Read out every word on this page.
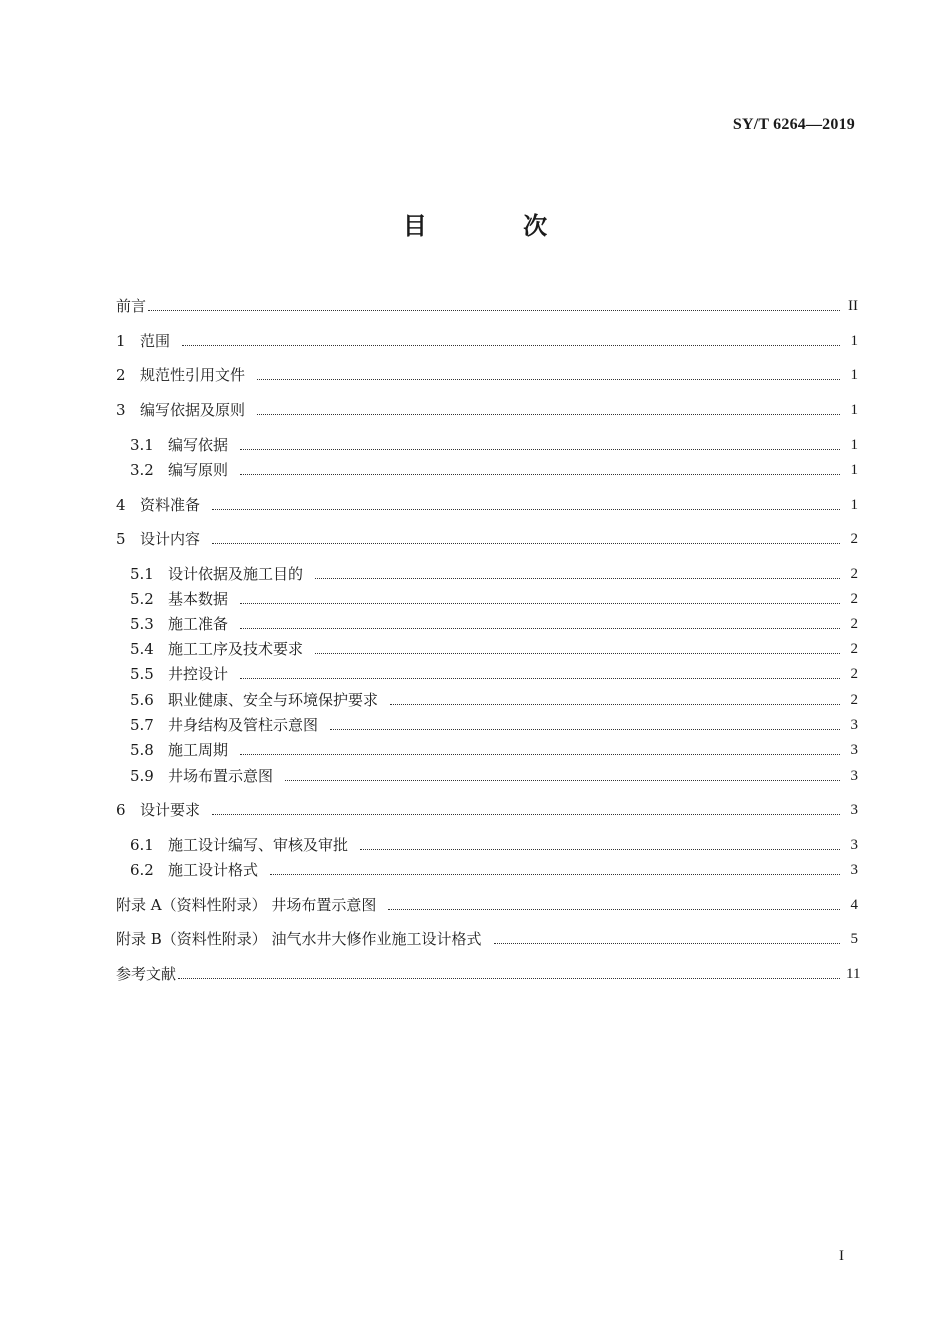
SY/T 6264—2019
目 次
前言	II
1 范围	1
2 规范性引用文件	1
3 编写依据及原则	1
3.1 编写依据	1
3.2 编写原则	1
4 资料准备	1
5 设计内容	2
5.1 设计依据及施工目的	2
5.2 基本数据	2
5.3 施工准备	2
5.4 施工工序及技术要求	2
5.5 井控设计	2
5.6 职业健康、安全与环境保护要求	2
5.7 井身结构及管柱示意图	3
5.8 施工周期	3
5.9 井场布置示意图	3
6 设计要求	3
6.1 施工设计编写、审核及审批	3
6.2 施工设计格式	3
附录 A（资料性附录） 井场布置示意图	4
附录 B（资料性附录） 油气水井大修作业施工设计格式	5
参考文献	11
I
